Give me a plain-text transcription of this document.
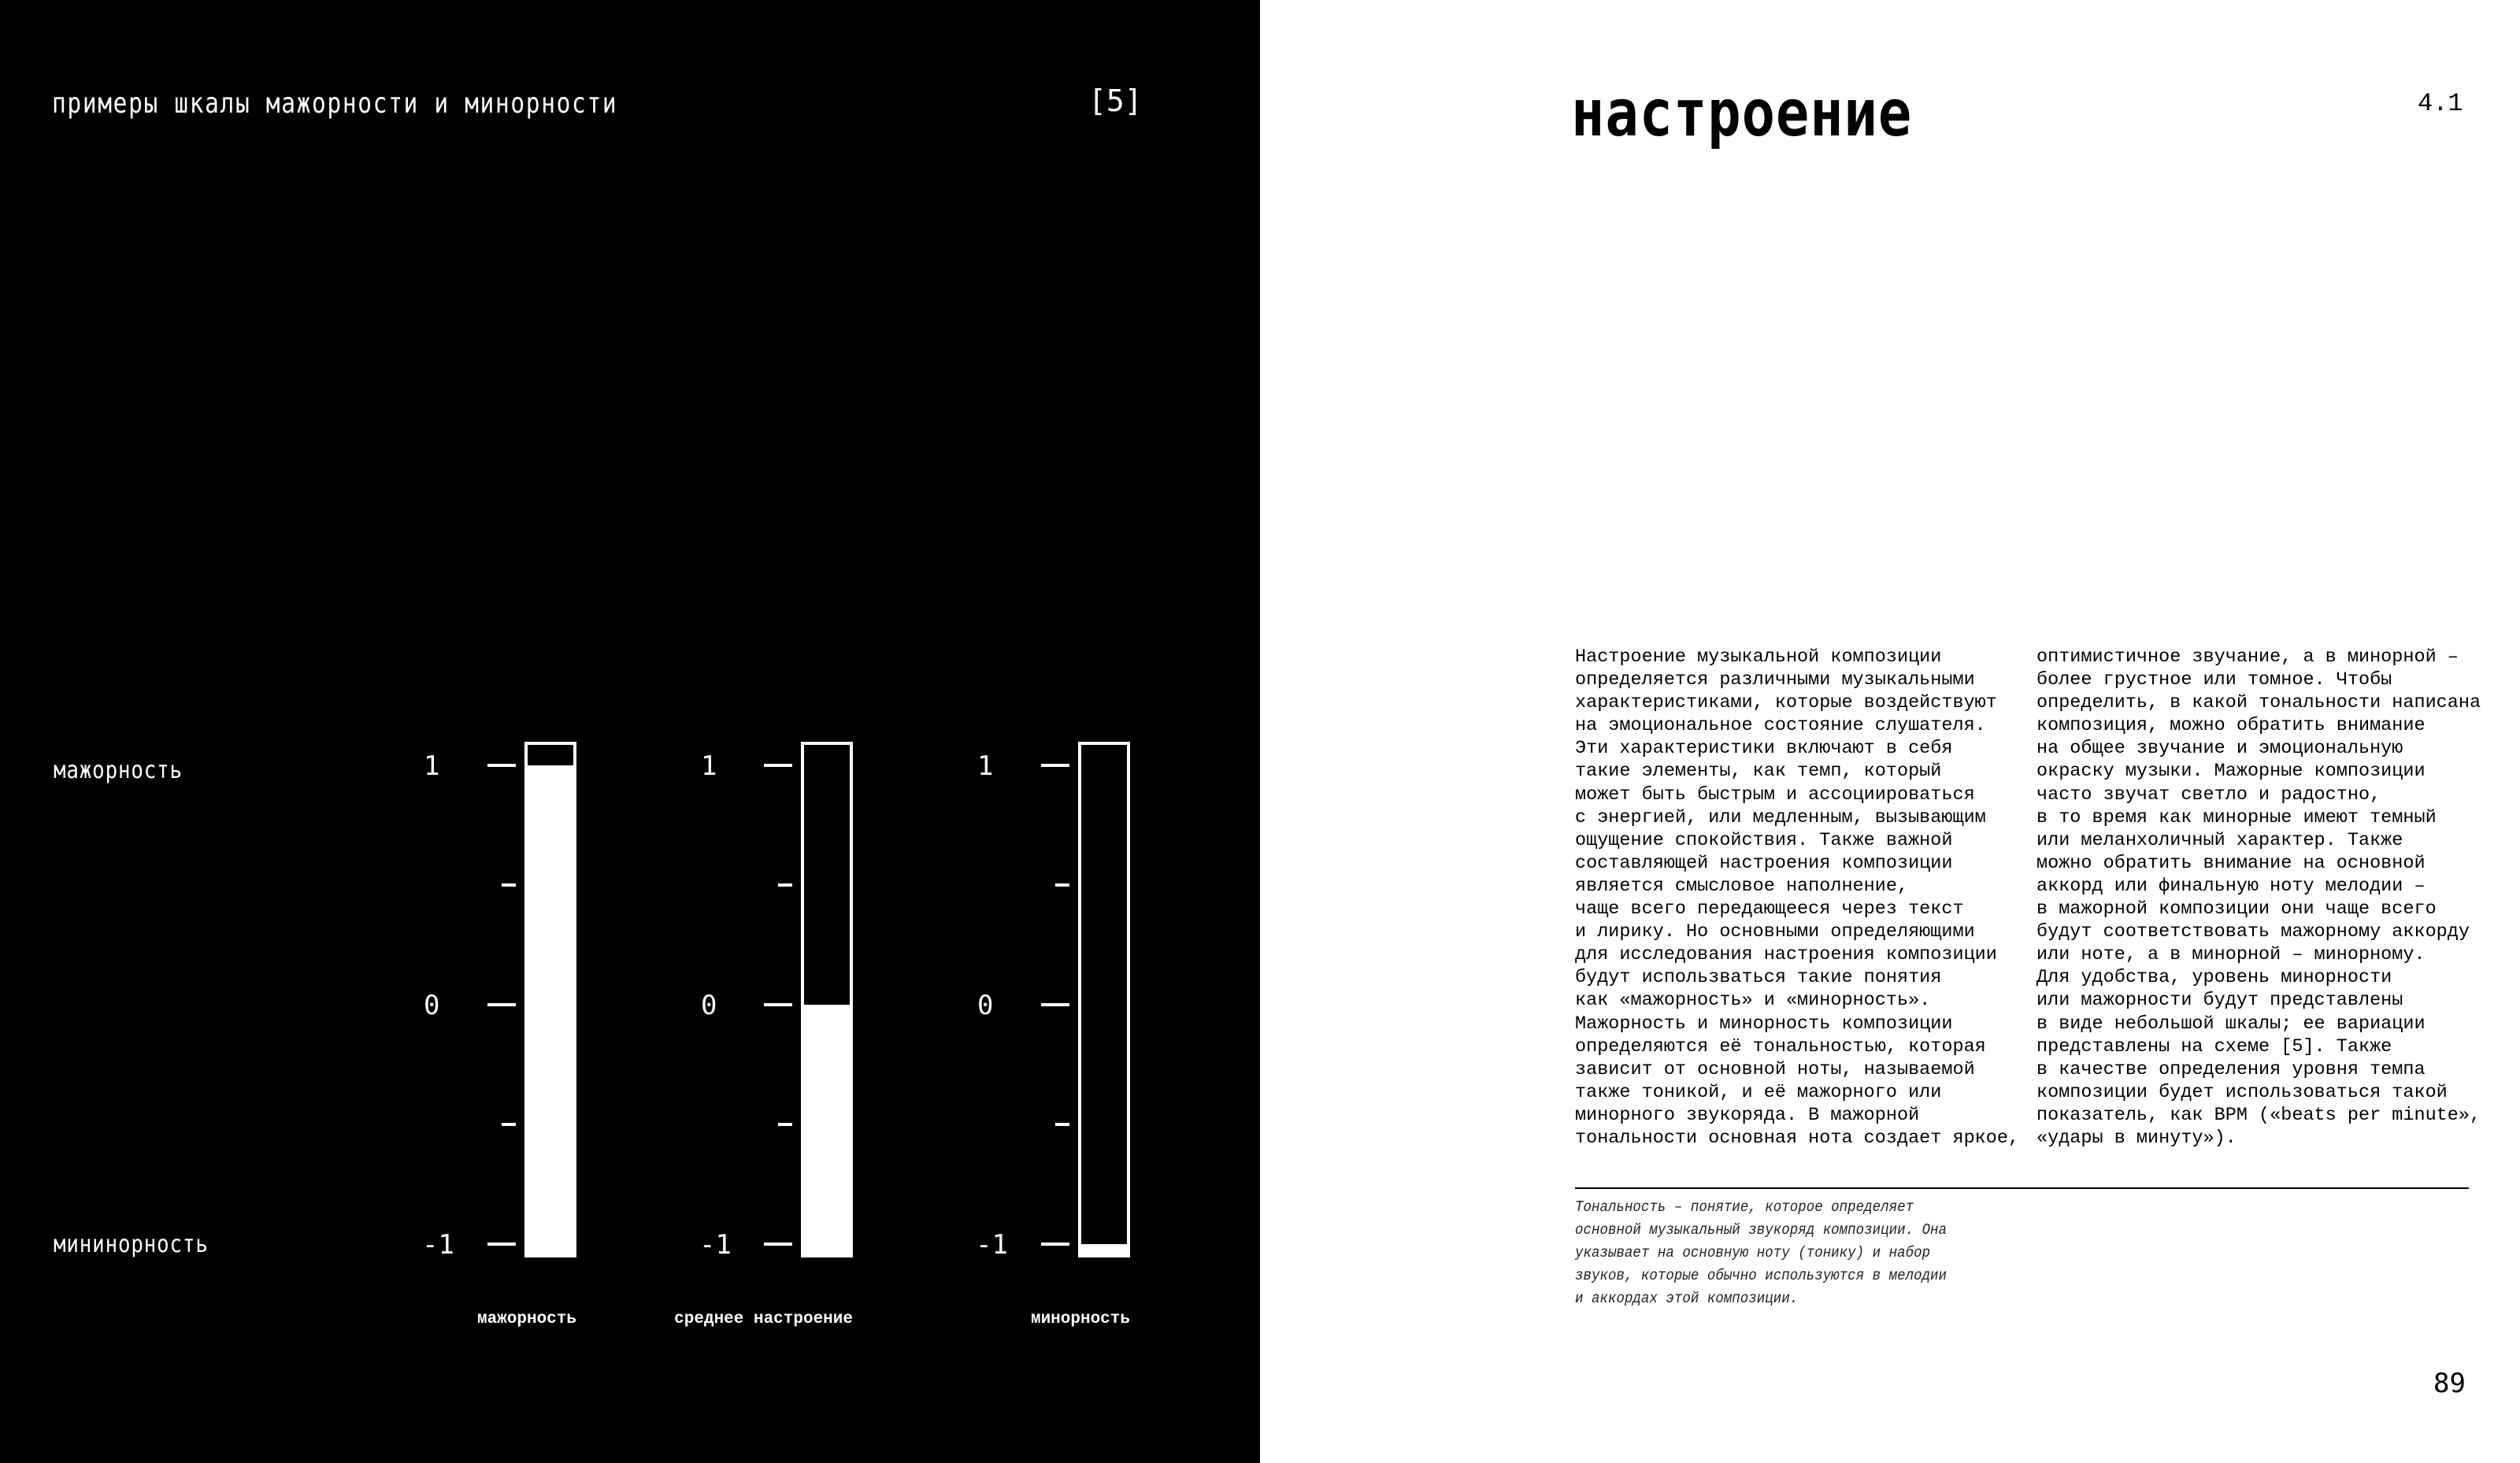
примеры шкалы мажорности и минорности	[5]
мажорность
мининорность
1
0
-1
мажорность
1
0
-1
среднее настроение
1
0
-1
минорность
настроение	4.1
Настроение музыкальной композиции
определяется различными музыкальными
характеристиками, которые воздействуют
на эмоциональное состояние слушателя.
Эти характеристики включают в себя
такие элементы, как темп, который
может быть быстрым и ассоциироваться
с энергией, или медленным, вызывающим
ощущение спокойствия. Также важной
составляющей настроения композиции
является смысловое наполнение,
чаще всего передающееся через текст
и лирику. Но основными определяющими
для исследования настроения композиции
будут использваться такие понятия
как «мажорность» и «минорность».
Мажорность и минорность композиции
определяются её тональностью, которая
зависит от основной ноты, называемой
также тоникой, и её мажорного или
минорного звукоряда. В мажорной
тональности основная нота создает яркое,
оптимистичное звучание, а в минорной –
более грустное или томное. Чтобы
определить, в какой тональности написана
композиция, можно обратить внимание
на общее звучание и эмоциональную
окраску музыки. Мажорные композиции
часто звучат светло и радостно,
в то время как минорные имеют темный
или меланхоличный характер. Также
можно обратить внимание на основной
аккорд или финальную ноту мелодии –
в мажорной композиции они чаще всего
будут соответствовать мажорному аккорду
или ноте, а в минорной – минорному.
Для удобства, уровень минорности
или мажорности будут представлены
в виде небольшой шкалы; ее вариации
представлены на схеме [5]. Также
в качестве определения уровня темпа
композиции будет использоваться такой
показатель, как BPM («beats per minute»,
«удары в минуту»).
Тональность – понятие, которое определяет
основной музыкальный звукоряд композиции. Она
указывает на основную ноту (тонику) и набор
звуков, которые обычно используются в мелодии
и аккордах этой композиции.
89
